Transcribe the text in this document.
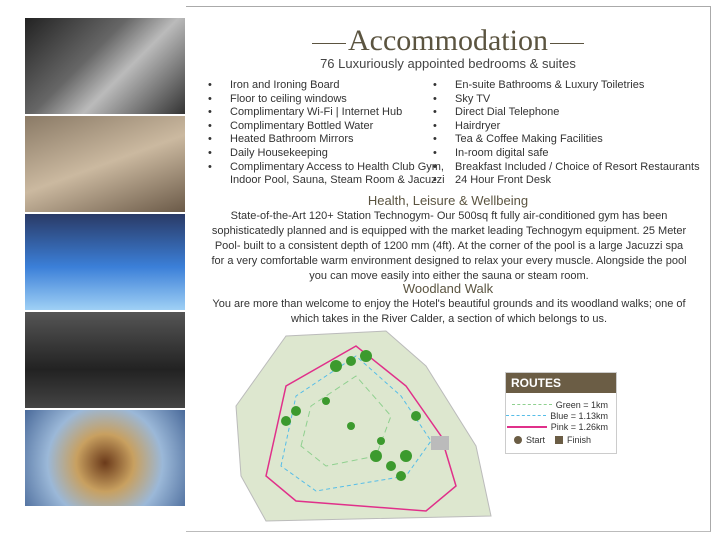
Accommodation
76 Luxuriously appointed bedrooms & suites
• Iron and Ironing Board
• Floor to ceiling windows
• Complimentary Wi-Fi | Internet Hub
• Complimentary Bottled Water
• Heated Bathroom Mirrors
• Daily Housekeeping
• Complimentary Access to Health Club Gym, Indoor Pool, Sauna, Steam Room & Jacuzzi
• En-suite Bathrooms & Luxury Toiletries
• Sky TV
• Direct Dial Telephone
• Hairdryer
• Tea & Coffee Making Facilities
• In-room digital safe
• Breakfast Included / Choice of Resort Restaurants
• 24 Hour Front Desk
Health, Leisure & Wellbeing
State-of-the-Art 120+ Station Technogym- Our 500sq ft fully air-conditioned gym has been sophisticatedly planned and is equipped with the market leading Technogym equipment. 25 Meter Pool- built to a consistent depth of 1200 mm (4ft). At the corner of the pool is a large Jacuzzi spa for a very comfortable warm environment designed to relax your every muscle. Alongside the pool you can move easily into either the sauna or steam room.
Woodland Walk
You are more than welcome to enjoy the Hotel's beautiful grounds and its woodland walks; one of which takes in the River Calder, a section of which belongs to us.
ROUTES
Green = 1km
Blue = 1.13km
Pink = 1.26km
Start Finish
